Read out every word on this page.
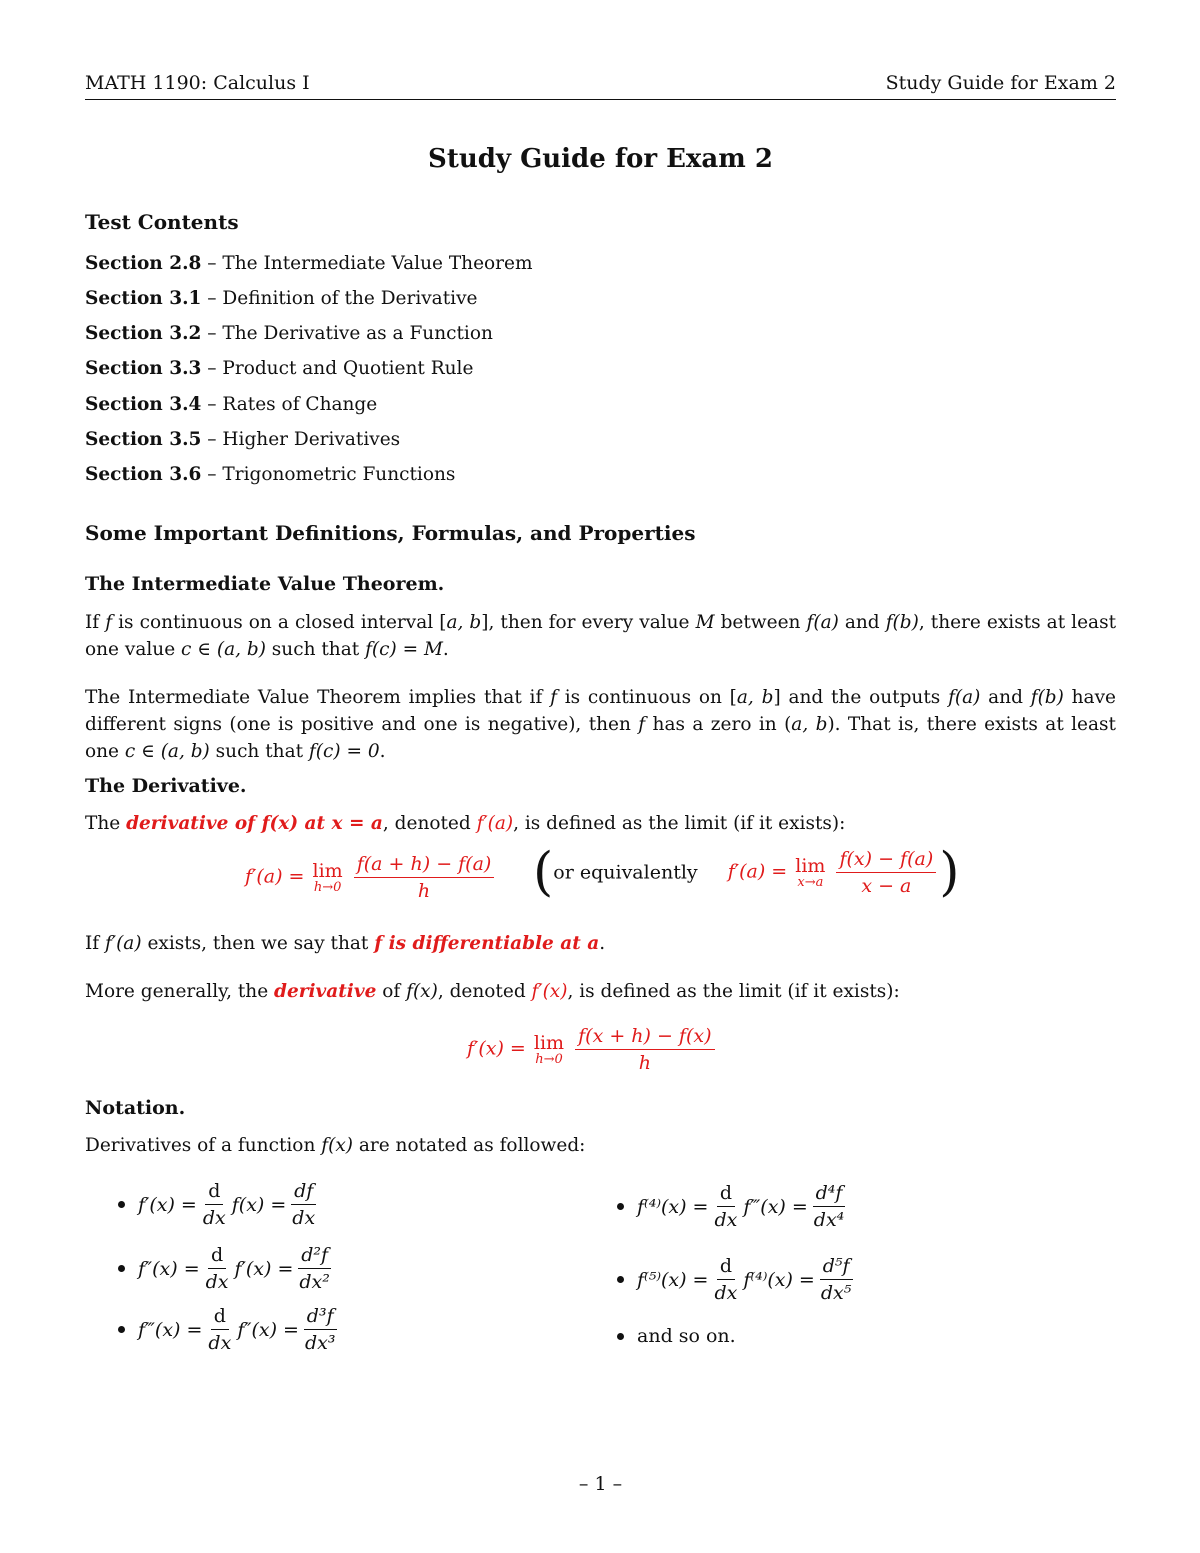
MATH 1190: Calculus I	Study Guide for Exam 2
Study Guide for Exam 2
Test Contents
Section 2.8 – The Intermediate Value Theorem
Section 3.1 – Definition of the Derivative
Section 3.2 – The Derivative as a Function
Section 3.3 – Product and Quotient Rule
Section 3.4 – Rates of Change
Section 3.5 – Higher Derivatives
Section 3.6 – Trigonometric Functions
Some Important Definitions, Formulas, and Properties
The Intermediate Value Theorem.
If f is continuous on a closed interval [a, b], then for every value M between f(a) and f(b), there exists at least one value c ∈ (a, b) such that f(c) = M.
The Intermediate Value Theorem implies that if f is continuous on [a, b] and the outputs f(a) and f(b) have different signs (one is positive and one is negative), then f has a zero in (a, b). That is, there exists at least one c ∈ (a, b) such that f(c) = 0.
The Derivative.
The derivative of f(x) at x = a, denoted f′(a), is defined as the limit (if it exists):
f′(a) = lim
h→0
$\frac{f(a + h) - f(a)}{h} (or$ equivalently f′(a) = lim
x→a
$\frac{f(x) - f(a)}{x - a}$ )
If f′(a) exists, then we say that f is differentiable at a.
More generally, the derivative of f(x), denoted f′(x), is defined as the limit (if it exists):
f′(x) = lim
h→0
$\frac{f(x + h) - f(x)}{h}$
Notation.
Derivatives of a function f(x) are notated as followed:
$f'(x) = \frac{d}{dx} f(x) = \frac{df}{dx}$
$f''(x) = \frac{d}{dx} f'(x) = \frac{\text{d²f}}{\text{dx²}}$
f‴(x) = $\frac{d}{dx} f''(x) = \frac{\text{d³f}}{\text{dx³}}$
$f^{(4)}(x) = \frac{d}{dx}$ f‴(x) = $\frac{\text{d⁴f}}{\text{dx⁴}}$
$f^{(5)}(x) = \frac{d}{dx} f^{(4)}(x) = \frac{\text{d⁵f}}{\text{dx⁵}}$
and so on.
– 1 –
